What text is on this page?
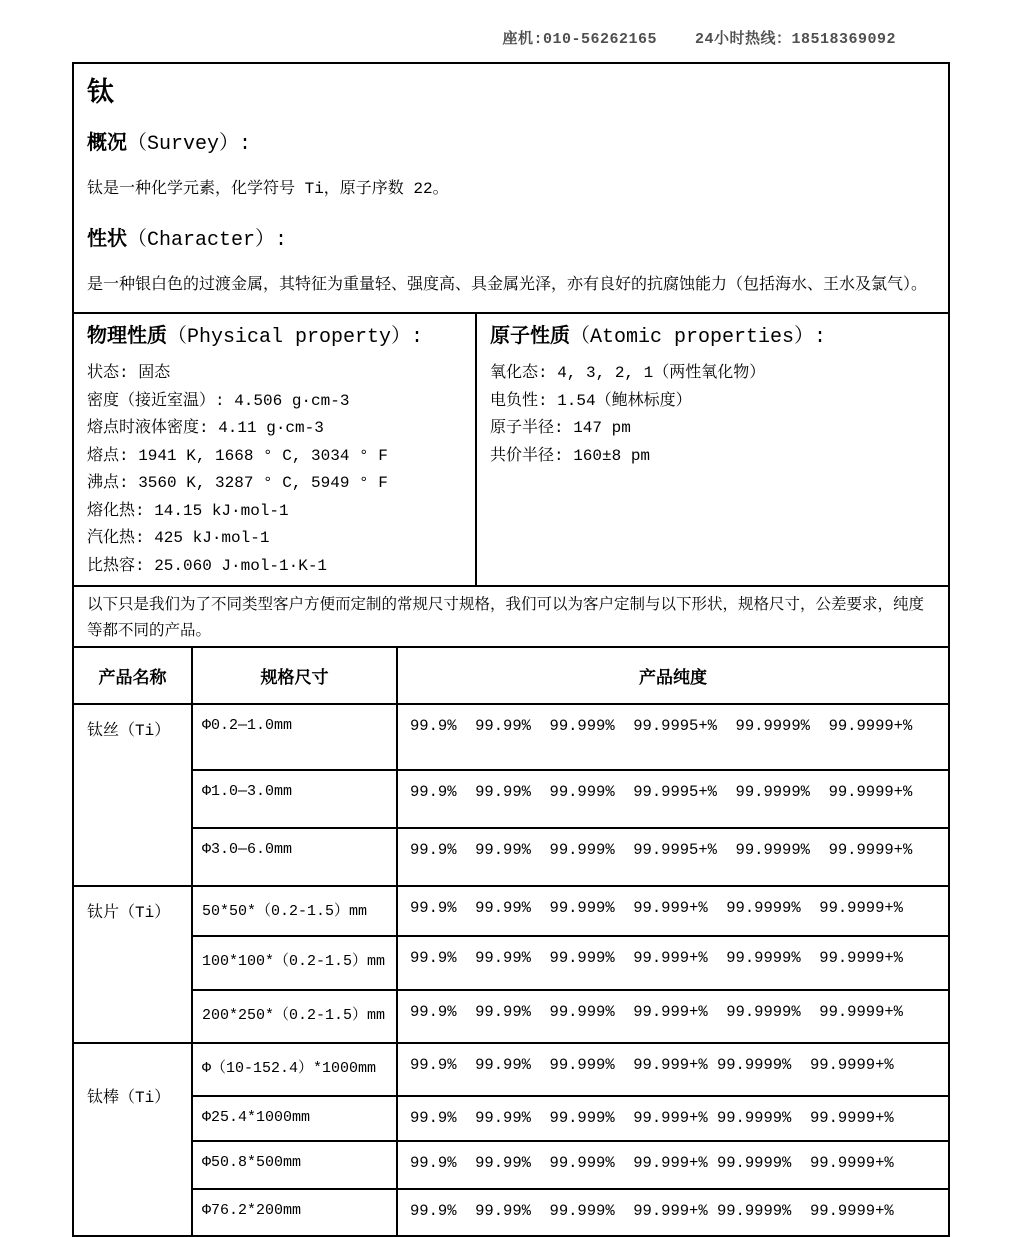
座机:010-56262165    24小时热线：18518369092
钛
概况（Survey）:

钛是一种化学元素，化学符号 Ti，原子序数 22。

性状（Character）:

是一种银白色的过渡金属，其特征为重量轻、强度高、具金属光泽，亦有良好的抗腐蚀能力（包括海水、王水及氯气）。

物理性质（Physical property）:
状态: 固态
密度（接近室温）: 4.506 g·cm-3
熔点时液体密度: 4.11 g·cm-3
熔点: 1941 K, 1668 ° C, 3034 ° F
沸点: 3560 K, 3287 ° C, 5949 ° F
熔化热: 14.15 kJ·mol-1
汽化热: 425 kJ·mol-1
比热容: 25.060 J·mol-1·K-1
原子性质（Atomic properties）:
氧化态: 4, 3, 2, 1（两性氧化物）
电负性: 1.54（鲍林标度）
原子半径: 147 pm
共价半径: 160±8 pm
以下只是我们为了不同类型客户方便而定制的常规尺寸规格，我们可以为客户定制与以下形状，规格尺寸，公差要求，纯度等都不同的产品。
产品名称	规格尺寸	产品纯度
钛丝（Ti）	Φ0.2—1.0mm	99.9%  99.99%  99.999%  99.9995+%  99.9999%  99.9999+%
	Φ1.0—3.0mm	99.9%  99.99%  99.999%  99.9995+%  99.9999%  99.9999+%
	Φ3.0—6.0mm	99.9%  99.99%  99.999%  99.9995+%  99.9999%  99.9999+%
钛片（Ti）	50*50*（0.2-1.5）mm	99.9%  99.99%  99.999%  99.999+%  99.9999%  99.9999+%
	100*100*（0.2-1.5）mm	99.9%  99.99%  99.999%  99.999+%  99.9999%  99.9999+%
	200*250*（0.2-1.5）mm	99.9%  99.99%  99.999%  99.999+%  99.9999%  99.9999+%
钛棒（Ti）	Φ（10-152.4）*1000mm	99.9%  99.99%  99.999%  99.999+% 99.9999%  99.9999+%
	Φ25.4*1000mm	99.9%  99.99%  99.999%  99.999+% 99.9999%  99.9999+%
	Φ50.8*500mm	99.9%  99.99%  99.999%  99.999+% 99.9999%  99.9999+%
	Φ76.2*200mm	99.9%  99.99%  99.999%  99.999+% 99.9999%  99.9999+%
